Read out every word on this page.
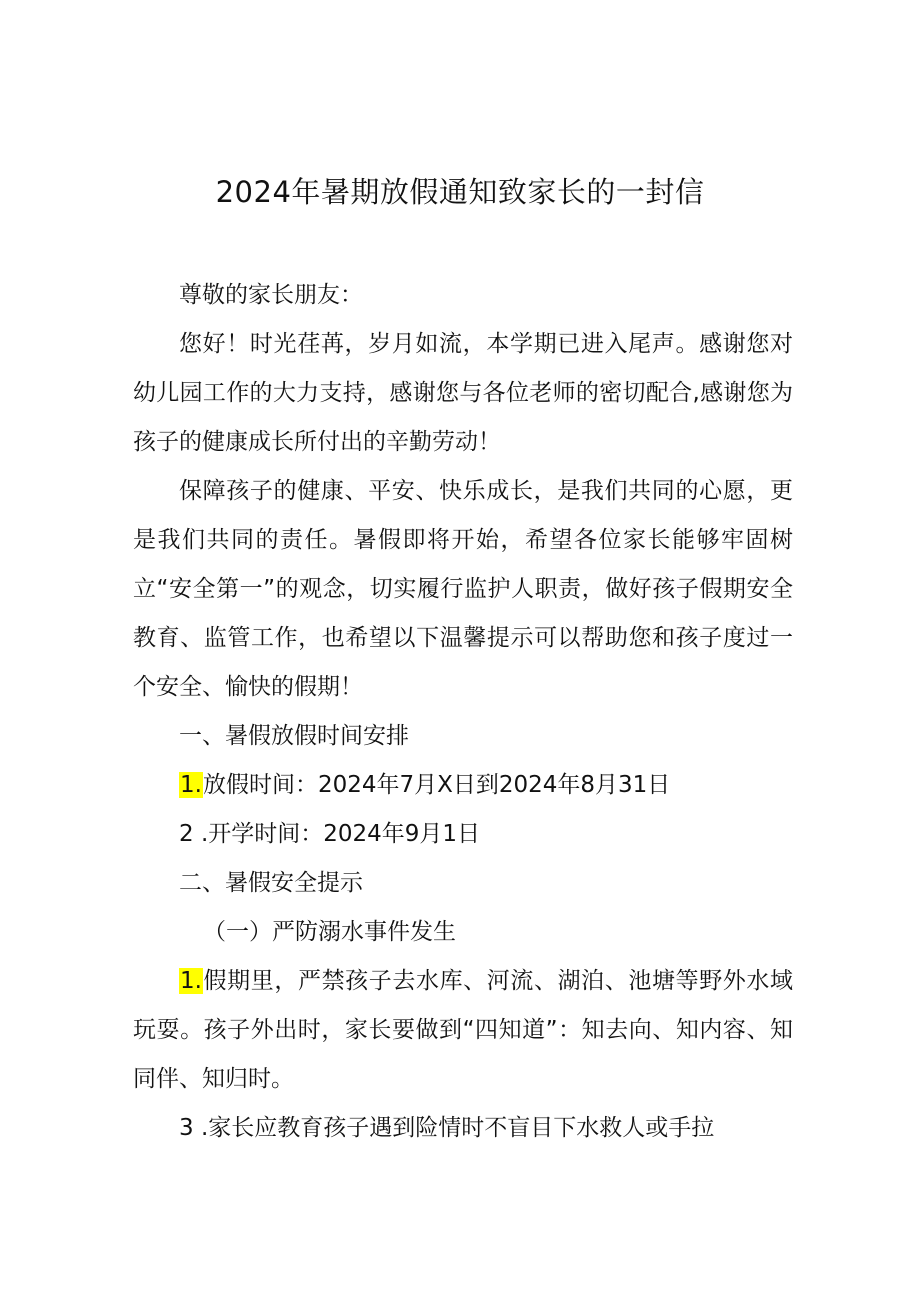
2024年暑期放假通知致家长的一封信

尊敬的家长朋友：

您好！时光荏苒，岁月如流，本学期已进入尾声。感谢您对幼儿园工作的大力支持，感谢您与各位老师的密切配合,感谢您为孩子的健康成长所付出的辛勤劳动！

保障孩子的健康、平安、快乐成长，是我们共同的心愿，更是我们共同的责任。暑假即将开始，希望各位家长能够牢固树立“安全第一”的观念，切实履行监护人职责，做好孩子假期安全教育、监管工作，也希望以下温馨提示可以帮助您和孩子度过一个安全、愉快的假期！

一、暑假放假时间安排

1.放假时间：2024年7月X日到2024年8月31日

2 .开学时间：2024年9月1日

二、暑假安全提示

（一）严防溺水事件发生

1.假期里，严禁孩子去水库、河流、湖泊、池塘等野外水域玩耍。孩子外出时，家长要做到“四知道”：知去向、知内容、知同伴、知归时。

3 .家长应教育孩子遇到险情时不盲目下水救人或手拉
